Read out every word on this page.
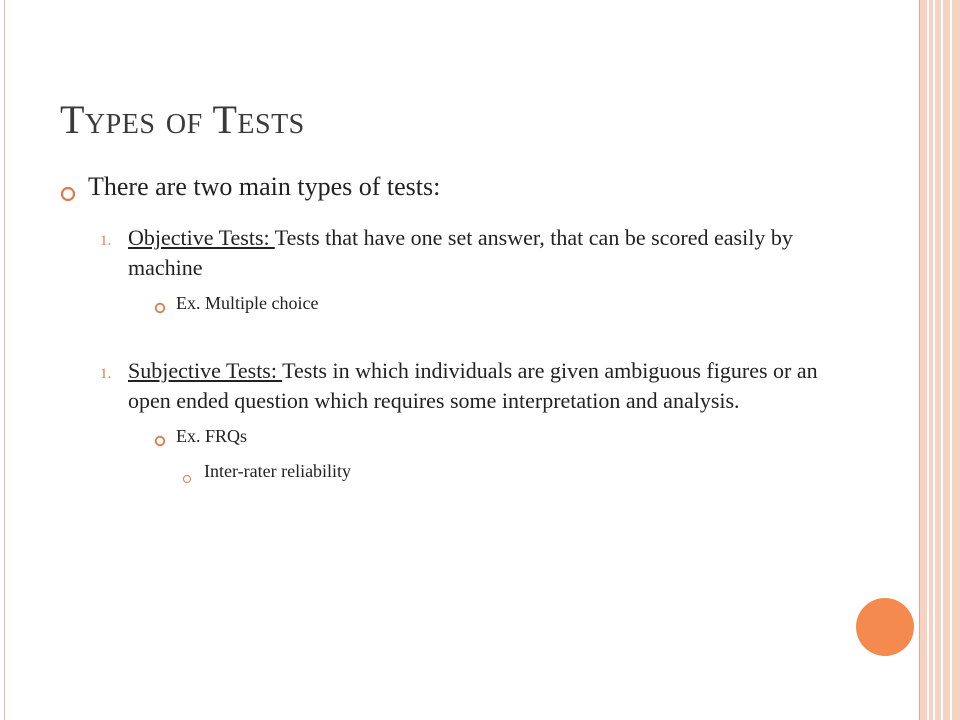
Types of Tests
There are two main types of tests:
1. Objective Tests: Tests that have one set answer, that can be scored easily by machine
Ex. Multiple choice
1. Subjective Tests: Tests in which individuals are given ambiguous figures or an open ended question which requires some interpretation and analysis.
Ex. FRQs
Inter-rater reliability
